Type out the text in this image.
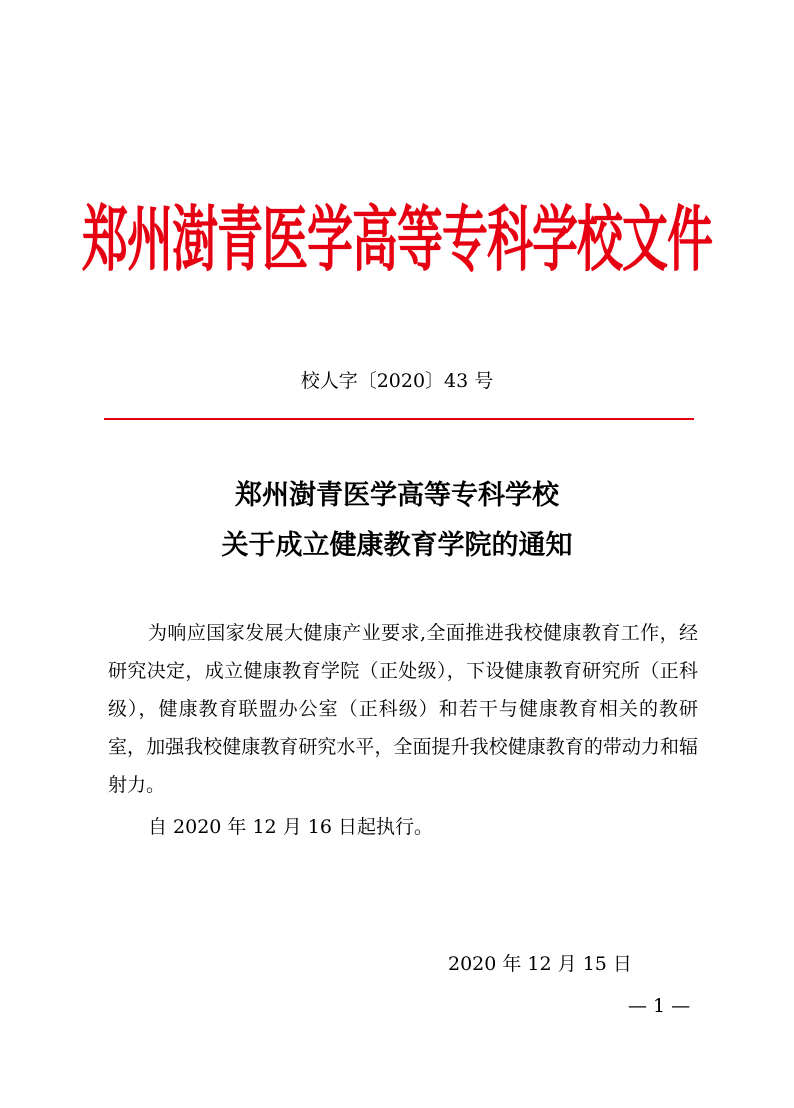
郑州澍青医学高等专科学校文件
校人字〔2020〕43 号
郑州澍青医学高等专科学校
关于成立健康教育学院的通知

为响应国家发展大健康产业要求,全面推进我校健康教育工作，经研究决定，成立健康教育学院（正处级），下设健康教育研究所（正科级），健康教育联盟办公室（正科级）和若干与健康教育相关的教研室，加强我校健康教育研究水平，全面提升我校健康教育的带动力和辐射力。

自 2020 年 12 月 16 日起执行。

2020 年 12 月 15 日
— 1 —
